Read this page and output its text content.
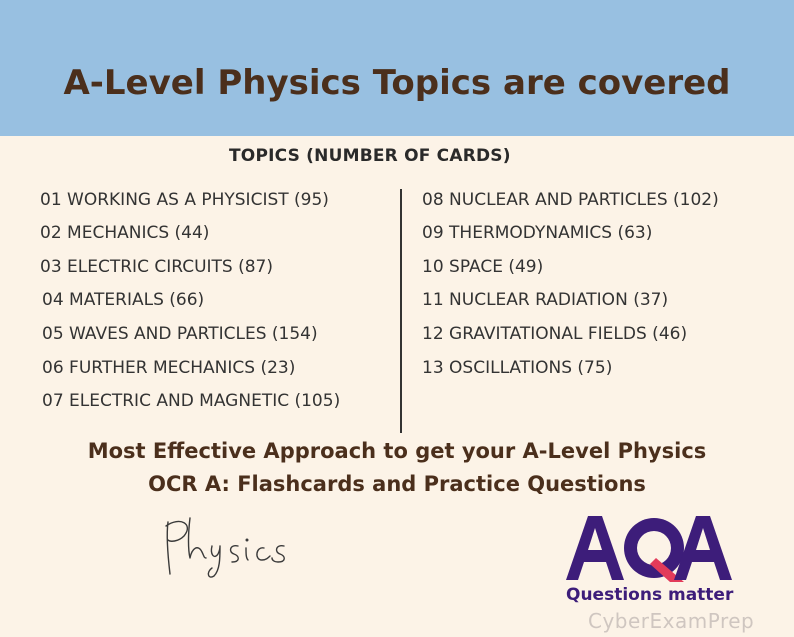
A-Level Physics Topics are covered
TOPICS (NUMBER OF CARDS)
01 WORKING AS A PHYSICIST (95)
02 MECHANICS (44)
03 ELECTRIC CIRCUITS (87)
04 MATERIALS (66)
05 WAVES AND PARTICLES (154)
06 FURTHER MECHANICS (23)
07 ELECTRIC AND MAGNETIC (105)
08 NUCLEAR AND PARTICLES (102)
09 THERMODYNAMICS (63)
10 SPACE (49)
11 NUCLEAR RADIATION (37)
12 GRAVITATIONAL FIELDS (46)
13 OSCILLATIONS (75)
Most Effective Approach to get your A-Level Physics
OCR A: Flashcards and Practice Questions
Questions matter
CyberExamPrep
